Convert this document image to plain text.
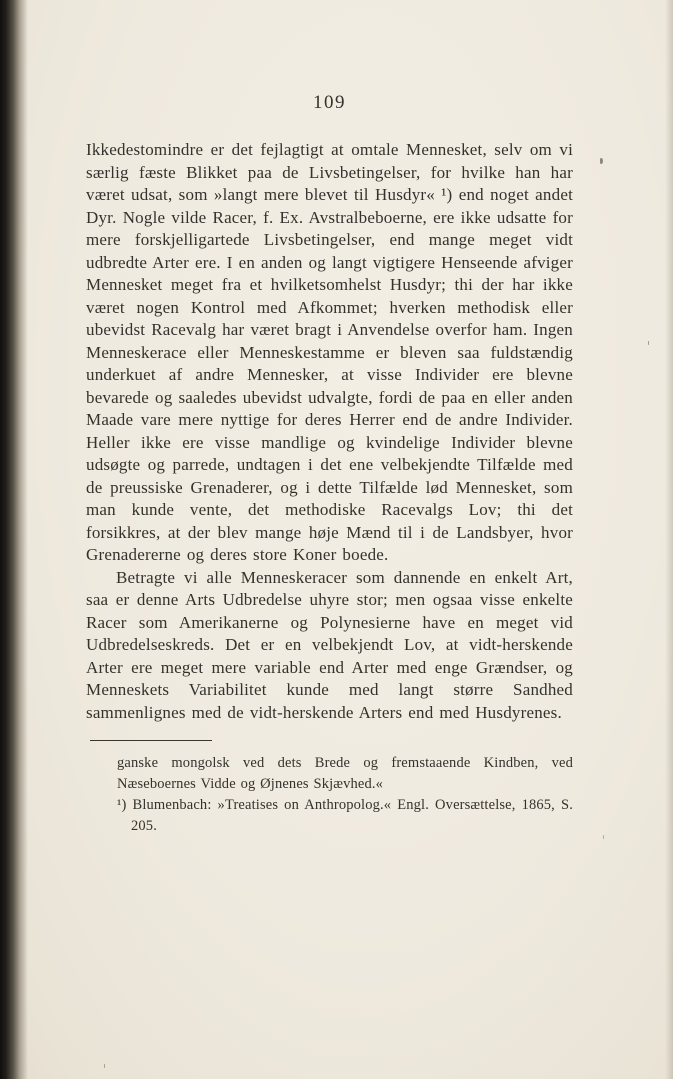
109

Ikkedestomindre er det fejlagtigt at omtale Mennesket, selv om vi særlig fæste Blikket paa de Livsbetingelser, for hvilke han har været udsat, som »langt mere blevet til Husdyr« ¹) end noget andet Dyr. Nogle vilde Racer, f. Ex. Avstralbeboerne, ere ikke udsatte for mere forskjelligartede Livsbetingelser, end mange meget vidt udbredte Arter ere. I en anden og langt vigtigere Henseende afviger Mennesket meget fra et hvilketsomhelst Husdyr; thi der har ikke været nogen Kontrol med Afkommet; hverken methodisk eller ubevidst Racevalg har været bragt i Anvendelse overfor ham. Ingen Menneskerace eller Menneskestamme er bleven saa fuldstændig underkuet af andre Mennesker, at visse Individer ere blevne bevarede og saaledes ubevidst udvalgte, fordi de paa en eller anden Maade vare mere nyttige for deres Herrer end de andre Individer. Heller ikke ere visse mandlige og kvindelige Individer blevne udsøgte og parrede, undtagen i det ene velbekjendte Tilfælde med de preussiske Grenaderer, og i dette Tilfælde lød Mennesket, som man kunde vente, det methodiske Racevalgs Lov; thi det forsikkres, at der blev mange høje Mænd til i de Landsbyer, hvor Grenadererne og deres store Koner boede.

Betragte vi alle Menneskeracer som dannende en enkelt Art, saa er denne Arts Udbredelse uhyre stor; men ogsaa visse enkelte Racer som Amerikanerne og Polynesierne have en meget vid Udbredelseskreds. Det er en velbekjendt Lov, at vidt-herskende Arter ere meget mere variable end Arter med enge Grændser, og Menneskets Variabilitet kunde med langt større Sandhed sammenlignes med de vidt-herskende Arters end med Husdyrenes.

ganske mongolsk ved dets Brede og fremstaaende Kindben, ved Næseboernes Vidde og Øjnenes Skjævhed.«

¹) Blumenbach: »Treatises on Anthropolog.« Engl. Oversættelse, 1865, S. 205.
